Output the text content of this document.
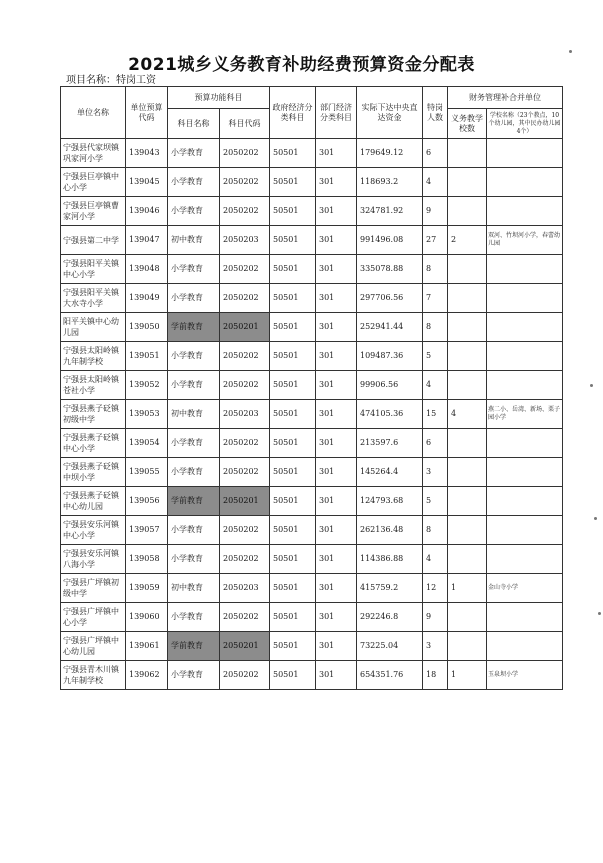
2021城乡义务教育补助经费预算资金分配表
项目名称：特岗工资
单位名称	单位预算代码	预算功能科目		政府经济分类科目	部门经济分类科目	实际下达中央直达资金	特岗人数	财务管理补合并单位	
		科目名称	科目代码					义务教学校数	学校名称（23个教点，10个幼儿园，其中民办幼儿园4个）
宁强县代家坝镇巩家河小学	139043	小学教育	2050202	50501	301	179649.12	6		
宁强县巨亭镇中心小学	139045	小学教育	2050202	50501	301	118693.2	4		
宁强县巨亭镇曹家河小学	139046	小学教育	2050202	50501	301	324781.92	9		
宁强县第二中学	139047	初中教育	2050203	50501	301	991496.08	27	2	双河、竹坝河小学，春蕾幼儿园
宁强县阳平关镇中心小学	139048	小学教育	2050202	50501	301	335078.88	8		
宁强县阳平关镇大水寺小学	139049	小学教育	2050202	50501	301	297706.56	7		
阳平关镇中心幼儿园	139050	学前教育	2050201	50501	301	252941.44	8		
宁强县太阳岭镇九年制学校	139051	小学教育	2050202	50501	301	109487.36	5		
宁强县太阳岭镇苍社小学	139052	小学教育	2050202	50501	301	99906.56	4		
宁强县燕子砭镇初级中学	139053	初中教育	2050203	50501	301	474105.36	15	4	燕二小、岳湾、新场、栗子园小学
宁强县燕子砭镇中心小学	139054	小学教育	2050202	50501	301	213597.6	6		
宁强县燕子砭镇中坝小学	139055	小学教育	2050202	50501	301	145264.4	3		
宁强县燕子砭镇中心幼儿园	139056	学前教育	2050201	50501	301	124793.68	5		
宁强县安乐河镇中心小学	139057	小学教育	2050202	50501	301	262136.48	8		
宁强县安乐河镇八海小学	139058	小学教育	2050202	50501	301	114386.88	4		
宁强县广坪镇初级中学	139059	初中教育	2050203	50501	301	415759.2	12	1	金山寺小学
宁强县广坪镇中心小学	139060	小学教育	2050202	50501	301	292246.8	9		
宁强县广坪镇中心幼儿园	139061	学前教育	2050201	50501	301	73225.04	3		
宁强县青木川镇九年制学校	139062	小学教育	2050202	50501	301	654351.76	18	1	玉泉坝小学
